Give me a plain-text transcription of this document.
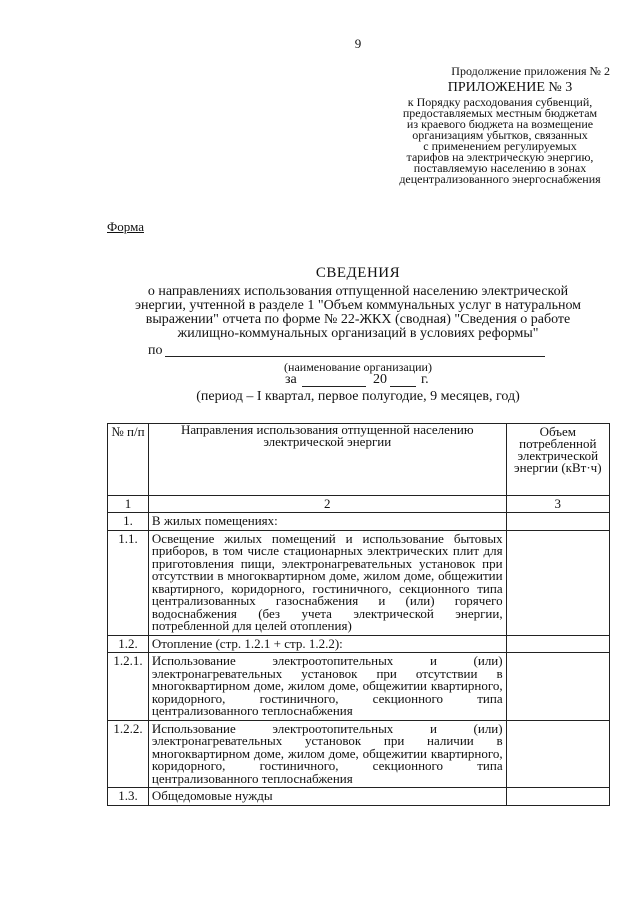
9
Продолжение приложения № 2
ПРИЛОЖЕНИЕ № 3
к Порядку расходования субвенций,
предоставляемых местным бюджетам
из краевого бюджета на возмещение
организациям убытков, связанных
с применением регулируемых
тарифов на электрическую энергию,
поставляемую населению в зонах
децентрализованного энергоснабжения
Форма
СВЕДЕНИЯ
о направлениях использования отпущенной населению электрической
энергии, учтенной в разделе 1 "Объем коммунальных услуг в натуральном
выражении" отчета по форме № 22-ЖКХ (сводная) "Сведения о работе
жилищно-коммунальных организаций в условиях реформы"
по
(наименование организации)
за	20 г.
(период – I квартал, первое полугодие, 9 месяцев, год)
№ п/п	Направления использования отпущенной населению электрической энергии	Объем потребленной электрической энергии (кВт·ч)
1	2	3
1.	В жилых помещениях:	
1.1.	Освещение жилых помещений и использование бытовых приборов, в том числе стационарных электрических плит для приготовления пищи, электронагревательных установок при отсутствии в многоквартирном доме, жилом доме, общежитии квартирного, коридорного, гостиничного, секционного типа централизованных газоснабжения и (или) горячего водоснабжения (без учета электрической энергии, потребленной для целей отопления)	
1.2.	Отопление (стр. 1.2.1 + стр. 1.2.2):	
1.2.1.	Использование электроотопительных и (или) электронагревательных установок при отсутствии в многоквартирном доме, жилом доме, общежитии квартирного, коридорного, гостиничного, секционного типа централизованного теплоснабжения	
1.2.2.	Использование электроотопительных и (или) электронагревательных установок при наличии в многоквартирном доме, жилом доме, общежитии квартирного, коридорного, гостиничного, секционного типа централизованного теплоснабжения	
1.3.	Общедомовые нужды	
